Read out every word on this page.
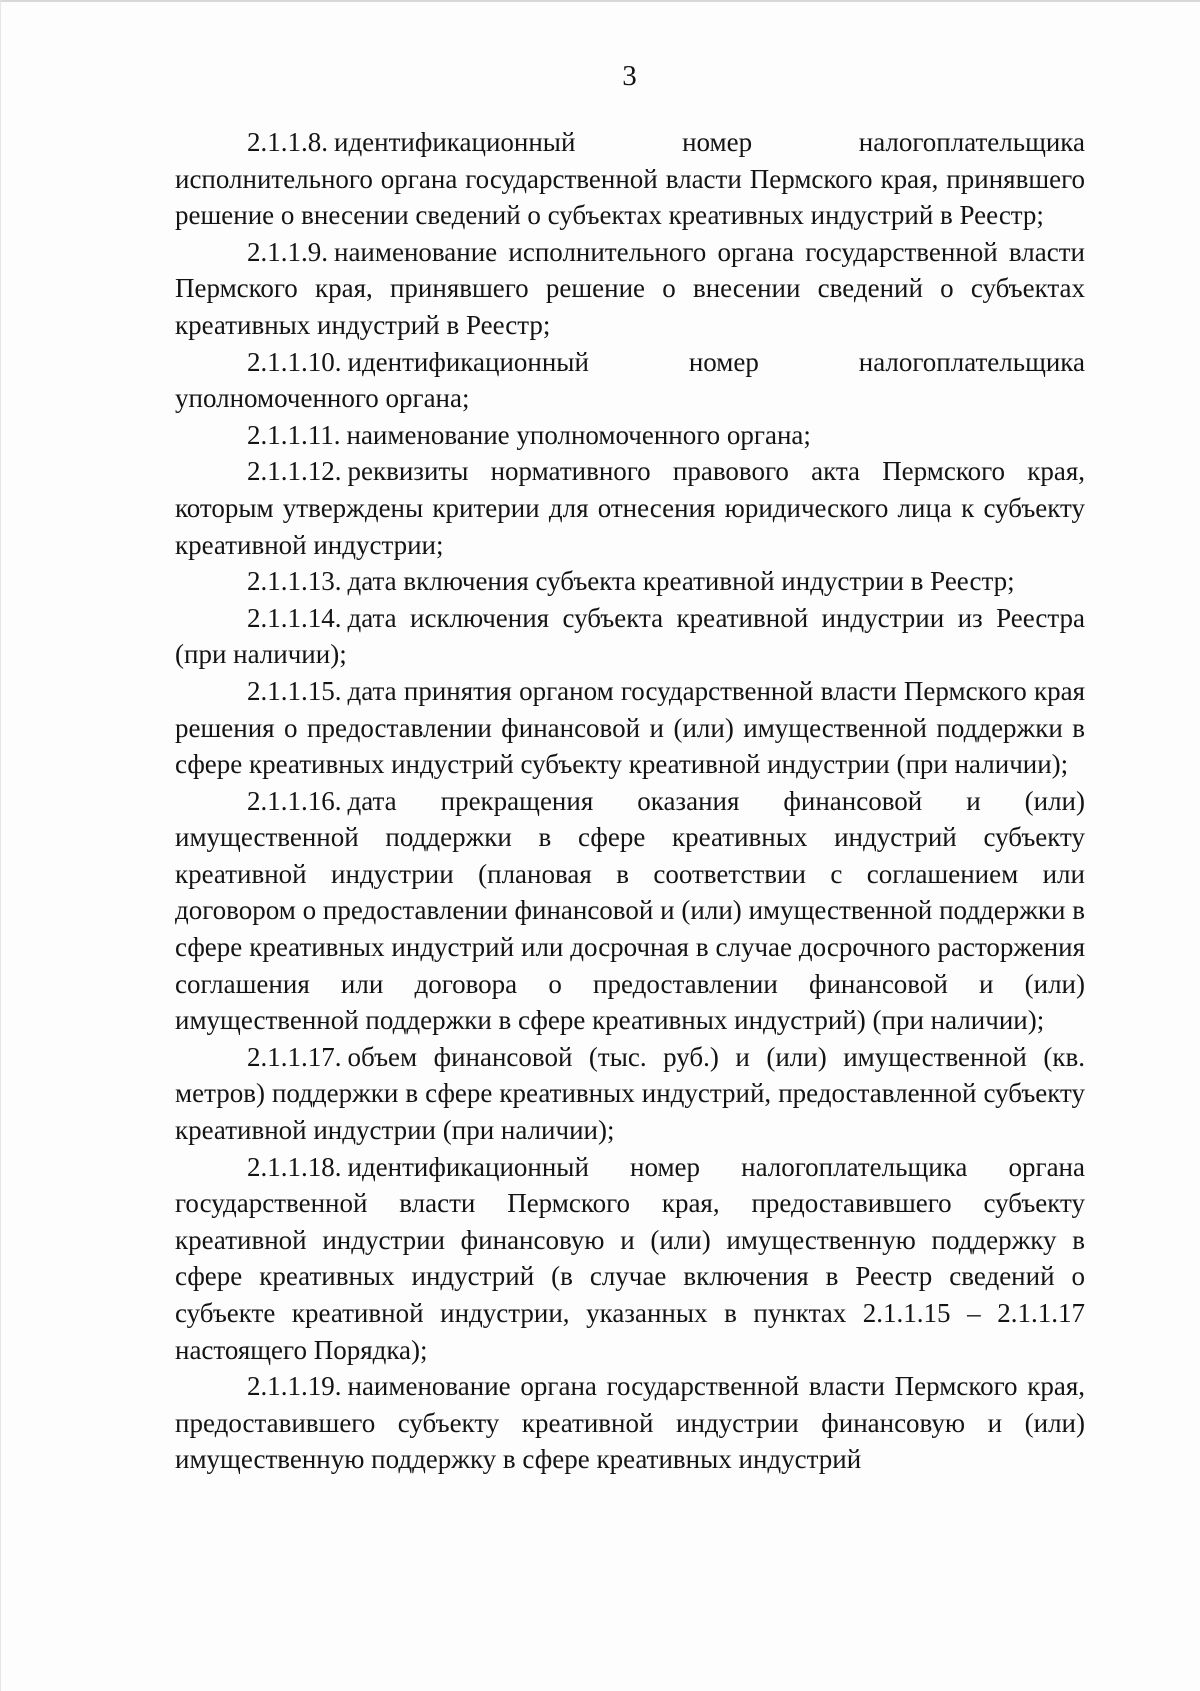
3

2.1.1.8. идентификационный номер налогоплательщика исполнительного органа государственной власти Пермского края, принявшего решение о внесении сведений о субъектах креативных индустрий в Реестр;

2.1.1.9. наименование исполнительного органа государственной власти Пермского края, принявшего решение о внесении сведений о субъектах креативных индустрий в Реестр;

2.1.1.10. идентификационный номер налогоплательщика уполномоченного органа;

2.1.1.11. наименование уполномоченного органа;

2.1.1.12. реквизиты нормативного правового акта Пермского края, которым утверждены критерии для отнесения юридического лица к субъекту креативной индустрии;

2.1.1.13. дата включения субъекта креативной индустрии в Реестр;

2.1.1.14. дата исключения субъекта креативной индустрии из Реестра (при наличии);

2.1.1.15. дата принятия органом государственной власти Пермского края решения о предоставлении финансовой и (или) имущественной поддержки в сфере креативных индустрий субъекту креативной индустрии (при наличии);

2.1.1.16. дата прекращения оказания финансовой и (или) имущественной поддержки в сфере креативных индустрий субъекту креативной индустрии (плановая в соответствии с соглашением или договором о предоставлении финансовой и (или) имущественной поддержки в сфере креативных индустрий или досрочная в случае досрочного расторжения соглашения или договора о предоставлении финансовой и (или) имущественной поддержки в сфере креативных индустрий) (при наличии);

2.1.1.17. объем финансовой (тыс. руб.) и (или) имущественной (кв. метров) поддержки в сфере креативных индустрий, предоставленной субъекту креативной индустрии (при наличии);

2.1.1.18. идентификационный номер налогоплательщика органа государственной власти Пермского края, предоставившего субъекту креативной индустрии финансовую и (или) имущественную поддержку в сфере креативных индустрий (в случае включения в Реестр сведений о субъекте креативной индустрии, указанных в пунктах 2.1.1.15 – 2.1.1.17 настоящего Порядка);

2.1.1.19. наименование органа государственной власти Пермского края, предоставившего субъекту креативной индустрии финансовую и (или) имущественную поддержку в сфере креативных индустрий
